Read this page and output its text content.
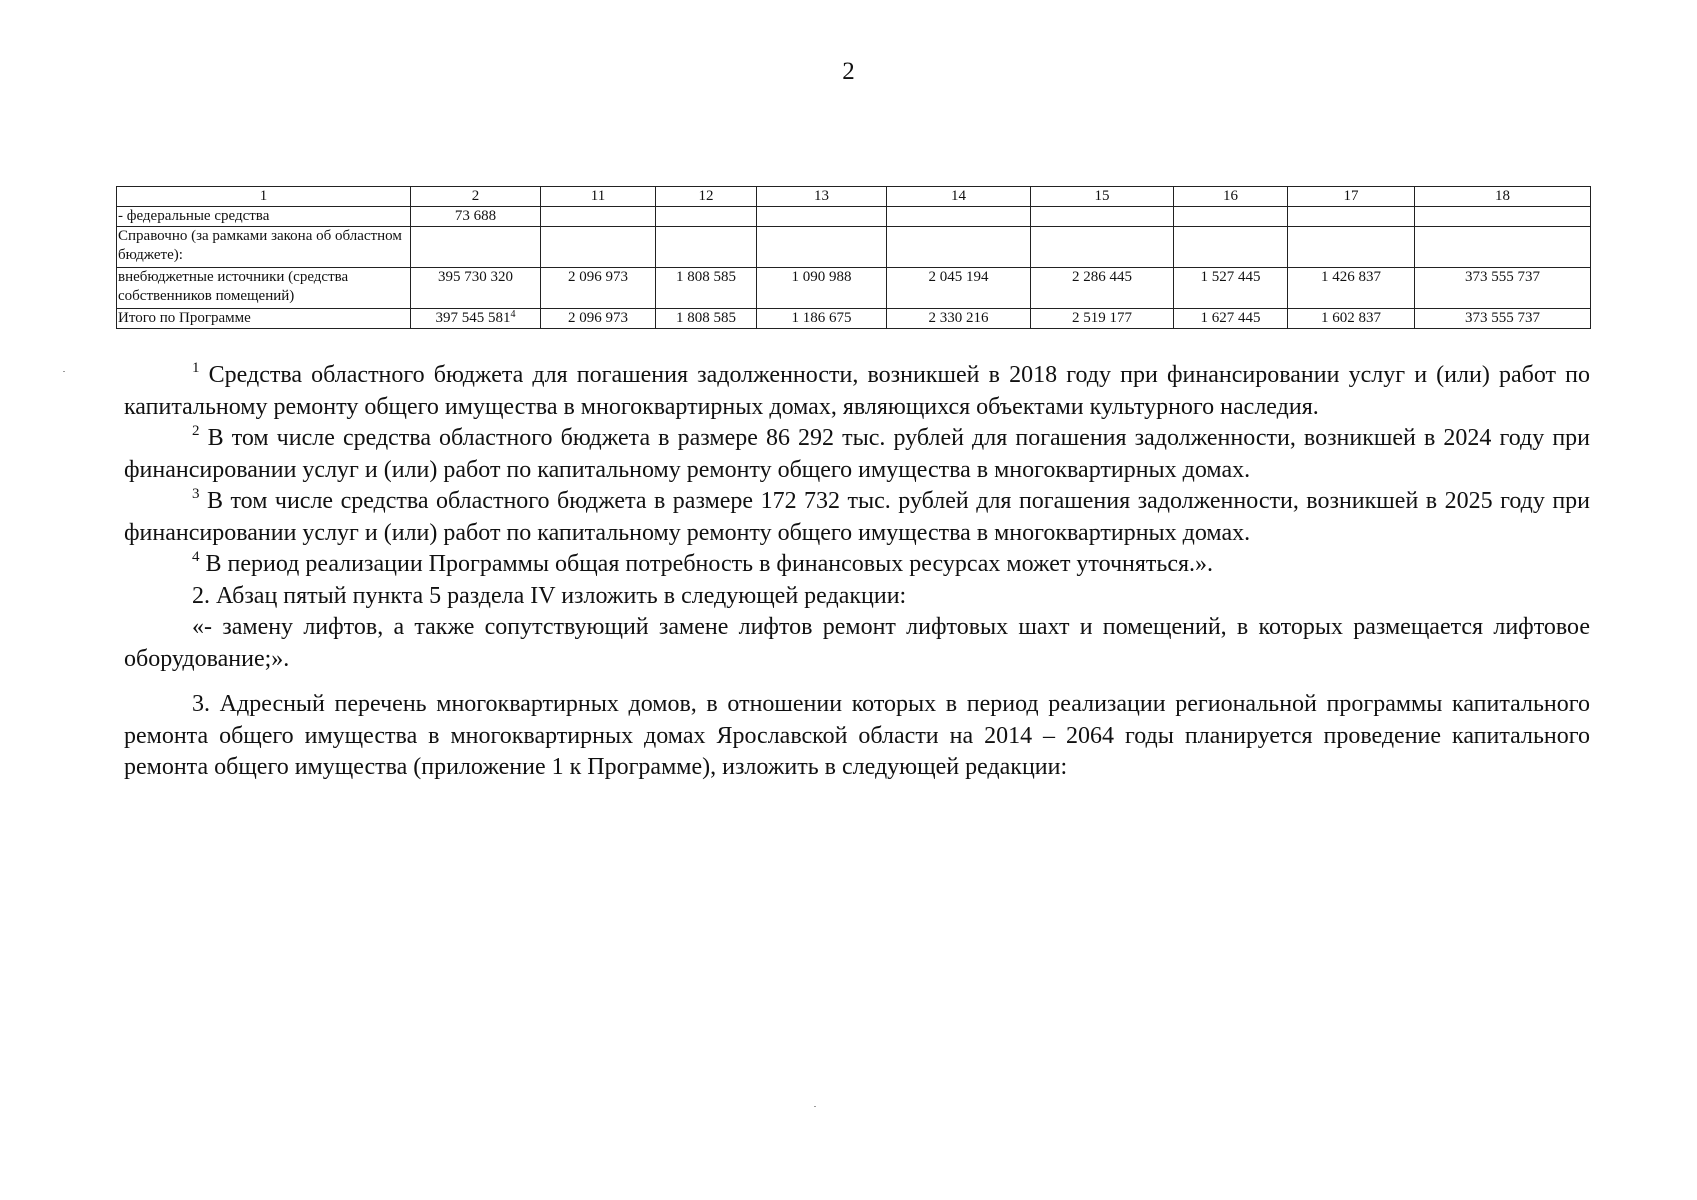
2
1	2	11	12	13	14	15	16	17	18
- федеральные средства	73 688								
Справочно (за рамками закона об областном бюджете):									
внебюджетные источники (средства собственников помещений)	395 730 320	2 096 973	1 808 585	1 090 988	2 045 194	2 286 445	1 527 445	1 426 837	373 555 737
Итого по Программе	397 545 581$^4$	2 096 973	1 808 585	1 186 675	2 330 216	2 519 177	1 627 445	1 602 837	373 555 737

$^1$ Средства областного бюджета для погашения задолженности, возникшей в 2018 году при финансировании услуг и (или) работ по капитальному ремонту общего имущества в многоквартирных домах, являющихся объектами культурного наследия.

$^2$ В том числе средства областного бюджета в размере 86 292 тыс. рублей для погашения задолженности, возникшей в 2024 году при финансировании услуг и (или) работ по капитальному ремонту общего имущества в многоквартирных домах.

$^3$ В том числе средства областного бюджета в размере 172 732 тыс. рублей для погашения задолженности, возникшей в 2025 году при финансировании услуг и (или) работ по капитальному ремонту общего имущества в многоквартирных домах.

$^4$ В период реализации Программы общая потребность в финансовых ресурсах может уточняться.».

2. Абзац пятый пункта 5 раздела IV изложить в следующей редакции:

«- замену лифтов, а также сопутствующий замене лифтов ремонт лифтовых шахт и помещений, в которых размещается лифтовое оборудование;».

3. Адресный перечень многоквартирных домов, в отношении которых в период реализации региональной программы капитального ремонта общего имущества в многоквартирных домах Ярославской области на 2014 – 2064 годы планируется проведение капитального ремонта общего имущества (приложение 1 к Программе), изложить в следующей редакции:
